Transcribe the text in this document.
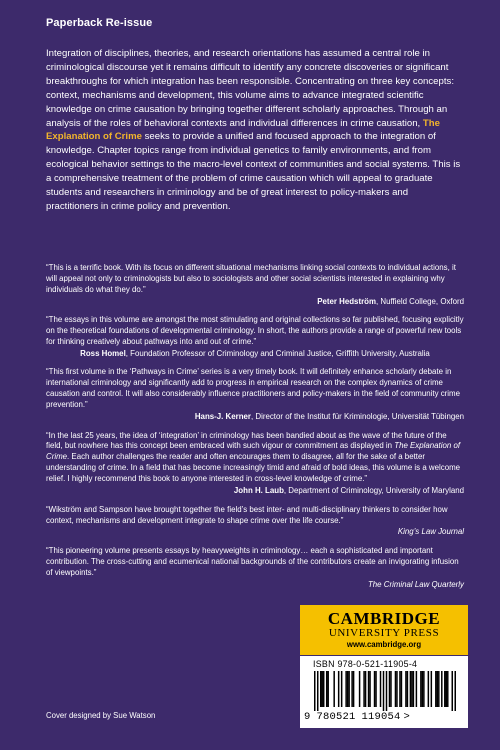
Paperback Re-issue

Integration of disciplines, theories, and research orientations has assumed a central role in criminological discourse yet it remains difficult to identify any concrete discoveries or significant breakthroughs for which integration has been responsible. Concentrating on three key concepts: context, mechanisms and development, this volume aims to advance integrated scientific knowledge on crime causation by bringing together different scholarly approaches. Through an analysis of the roles of behavioral contexts and individual differences in crime causation, The Explanation of Crime seeks to provide a unified and focused approach to the integration of knowledge. Chapter topics range from individual genetics to family environments, and from ecological behavior settings to the macro-level context of communities and social systems. This is a comprehensive treatment of the problem of crime causation which will appeal to graduate students and researchers in criminology and be of great interest to policy-makers and practitioners in crime policy and prevention.

“This is a terrific book. With its focus on different situational mechanisms linking social contexts to individual actions, it will appeal not only to criminologists but also to sociologists and other social scientists interested in explaining why individuals do what they do.”

Peter Hedström, Nuffield College, Oxford

“The essays in this volume are amongst the most stimulating and original collections so far published, focusing explicitly on the theoretical foundations of developmental criminology. In short, the authors provide a range of powerful new tools for thinking creatively about pathways into and out of crime.”

Ross Homel, Foundation Professor of Criminology and Criminal Justice, Griffith University, Australia

“This first volume in the ‘Pathways in Crime’ series is a very timely book. It will definitely enhance scholarly debate in international criminology and significantly add to progress in empirical research on the complex dynamics of crime causation and control. It will also considerably influence practitioners and policy-makers in the field of community crime prevention.”

Hans-J. Kerner, Director of the Institut für Kriminologie, Universität Tübingen

“In the last 25 years, the idea of ‘integration’ in criminology has been bandied about as the wave of the future of the field, but nowhere has this concept been embraced with such vigour or commitment as displayed in The Explanation of Crime. Each author challenges the reader and often encourages them to disagree, all for the sake of a better understanding of crime. In a field that has become increasingly timid and afraid of bold ideas, this volume is a welcome relief. I highly recommend this book to anyone interested in cross-level knowledge of crime.”

John H. Laub, Department of Criminology, University of Maryland

“Wikström and Sampson have brought together the field’s best inter- and multi-disciplinary thinkers to consider how context, mechanisms and development integrate to shape crime over the life course.”

King’s Law Journal

“This pioneering volume presents essays by heavyweights in criminology… each a sophisticated and important contribution. The cross-cutting and ecumenical national backgrounds of the contributors create an invigorating infusion of viewpoints.”

The Criminal Law Quarterly

CAMBRIDGE
UNIVERSITY PRESS
www.cambridge.org
ISBN 978-0-521-11905-4
9 780521 119054 >
Cover designed by Sue Watson
